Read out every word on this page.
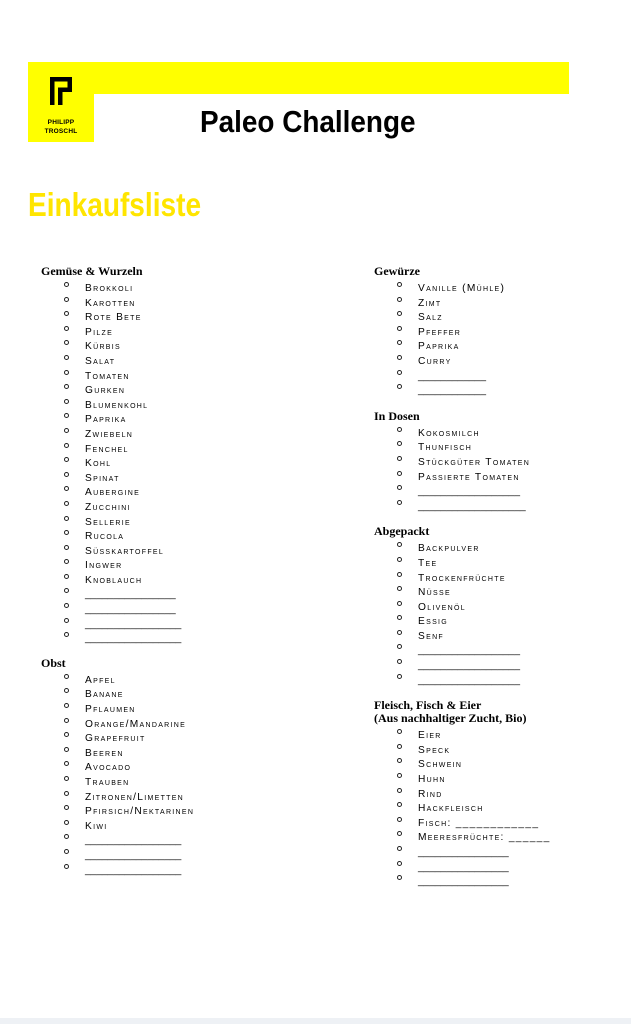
PHILIPP
TROSCHL	Paleo Challenge
Einkaufsliste
Gemüse & Wurzeln
Brokkoli
Karotten
Rote Bete
Pilze
Kürbis
Salat
Tomaten
Gurken
Blumenkohl
Paprika
Zwiebeln
Fenchel
Kohl
Spinat
Aubergine
Zucchini
Sellerie
Rucola
Süsskartoffel
Ingwer
Knoblauch
________________
________________
_________________
_________________
Obst
Apfel
Banane
Pflaumen
Orange/Mandarine
Grapefruit
Beeren
Avocado
Trauben
Zitronen/Limetten
Pfirsich/Nektarinen
Kiwi
_________________
_________________
_________________
Gewürze
Vanille (Mühle)
Zimt
Salz
Pfeffer
Paprika
Curry
____________
____________
In Dosen
Kokosmilch
Thunfisch
Stückgüter Tomaten
Passierte Tomaten
__________________
___________________
Abgepackt
Backpulver
Tee
Trockenfrüchte
Nüsse
Olivenöl
Essig
Senf
__________________
__________________
__________________
Fleisch, Fisch & Eier
(Aus nachhaltiger Zucht, Bio)
Eier
Speck
Schwein
Huhn
Rind
Hackfleisch
Fisch: ____________
Meeresfrüchte: ______
________________
________________
________________
